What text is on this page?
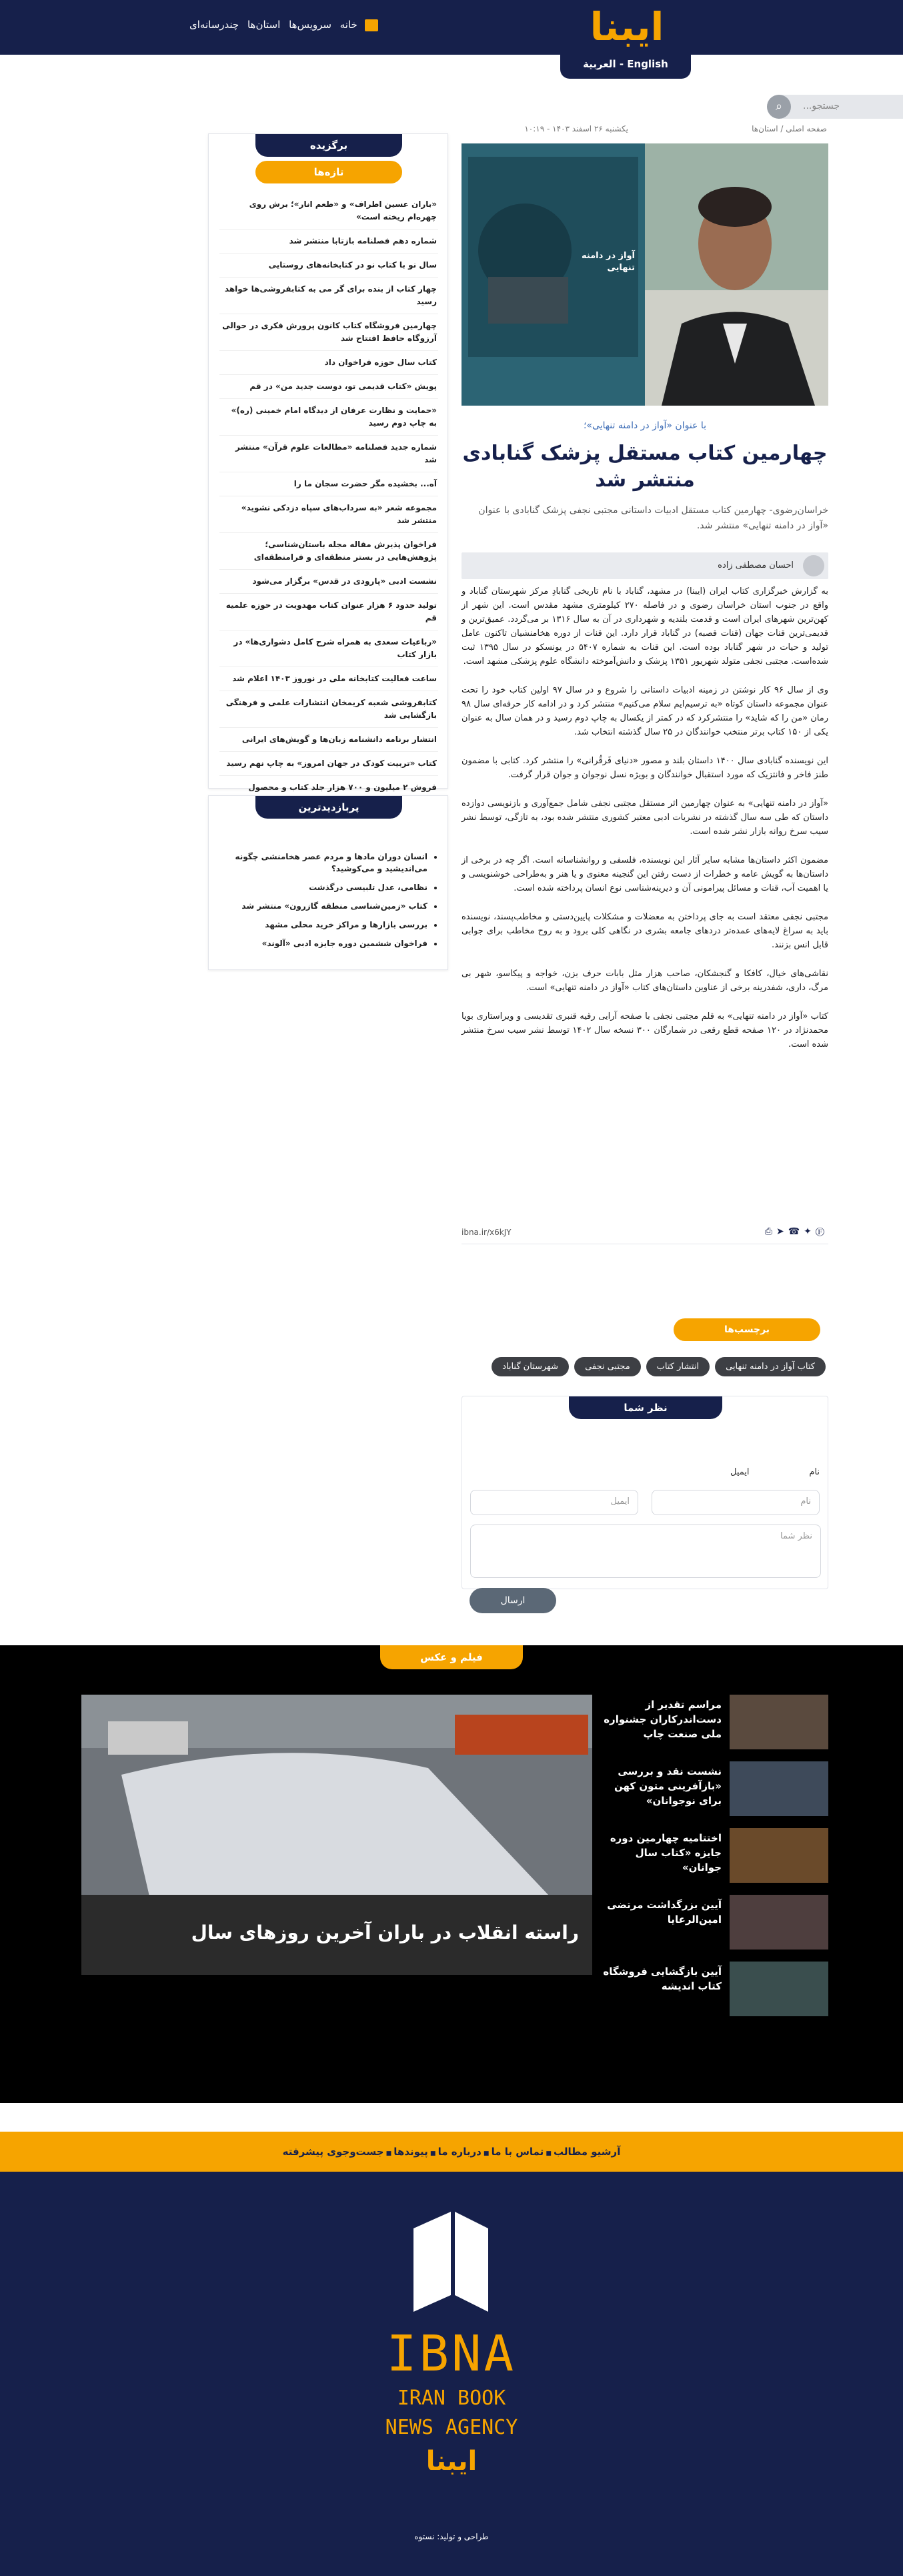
ایبنا
خانه سرویس‌ها استان‌ها چندرسانه‌ای
العربیة - English
⌕	جستجو...
صفحه اصلی / استان‌ها
یکشنبه ۲۶ اسفند ۱۴۰۳ - ۱۰:۱۹
برگزیده
تازه‌ها
«باران عسین اطراف» و «طعم انار»؛ برش روی چهره‌ام ریخته است»
شماره دهم فصلنامه بازتابا منتشر شد
سال نو با کتاب نو در کتابخانه‌های روستایی
چهار کتاب از بنده برای گر می به کتابفروشی‌ها خواهد رسید
چهارمین فروشگاه کتاب کانون پرورش فکری در حوالی آرزوگاه حافظ افتتاح شد
کتاب سال حوزه فراخوان داد
پویش «کتاب قدیمی تو، دوست جدید من» در قم
«حمایت و نظارت عرفان از دیدگاه امام خمینی (ره)» به چاپ دوم رسید
شماره جدید فصلنامه «مطالعات علوم قرآن» منتشر شد
آه... بخشیده مگر حضرت سجان ما را
مجموعه شعر «به سرداب‌های سپاه دزدکی نشوید» منتشر شد
فراخوان پذیرش مقاله مجله باستان‌شناسی؛ پژوهش‌هایی در بستر منطقه‌ای و فرامنطقه‌ای
نشست ادبی «پارودی در قدس» برگزار می‌شود
تولید حدود ۶ هزار عنوان کتاب مهدویت در حوزه علمیه قم
«رباعیات سعدی به همراه شرح کامل دشواری‌ها» در بازار کتاب
ساعت فعالیت کتابخانه ملی در نوروز ۱۴۰۳ اعلام شد
کتابفروشی شعبه کریمخان انتشارات علمی و فرهنگی بازگشایی شد
انتشار برنامه دانشنامه زبان‌ها و گویش‌های ایرانی
کتاب «تربیت کودک در جهان امروز» به چاپ نهم رسید
فروش ۲ میلیون و ۷۰۰ هزار جلد کتاب و محصول
پربازدیدترین
• انسان دوران مادها و مردم عصر هخامنشی چگونه می‌اندیشید و می‌کوشید؟
• نظامی، عدل تلبیسی درگذشت
• کتاب «زمین‌شناسی منطقه گازرون» منتشر شد
• بررسی بازارها و مراکز خرید محلی مشهد
• فراخوان ششمین دوره جایزه ادبی «آلوند»
آواز در دامنه تنهایی
با عنوان «آواز در دامنه تنهایی»؛
چهارمین کتاب مستقل پزشک گنابادی منتشر شد
خراسان‌رضوی- چهارمین کتاب مستقل ادبیات داستانی مجتبی نجفی پزشک گنابادی با عنوان «آواز در دامنه تنهایی» منتشر شد.
احسان مصطفی زاده

به گزارش خبرگزاری کتاب ایران (ایبنا) در مشهد، گناباد با نام تاریخی گنابادِ مرکز شهرستان گناباد و واقع در جنوب استان خراسان رضوی و در فاصله ۲۷۰ کیلومتری مشهد مقدس است. این شهر از کهن‌ترین شهرهای ایران است و قدمت بلندیه و شهرداری در آن به سال ۱۳۱۶ بر می‌گردد. عمیق‌ترین و قدیمی‌ترین قنات جهان (قنات قصبه) در گناباد قرار دارد. این قنات از دوره هخامنشیان تاکنون عامل تولید و حیات در شهر گناباد بوده است. این قنات به شماره ۵۴۰۷ در یونسکو در سال ۱۳۹۵ ثبت شده‌است. مجتبی نجفی متولد شهریور ۱۳۵۱ پزشک و دانش‌آموخته دانشگاه علوم پزشکی مشهد است.

وی از سال ۹۶ کار نوشتن در زمینه ادبیات داستانی را شروع و در سال ۹۷ اولین کتاب خود را تحت عنوان مجموعه داستان کوتاه «به ترسیم‌ایم سلام می‌کنیم» منتشر کرد و در ادامه کار حرفه‌ای سال ۹۸ رمان «من را که شاید» را منتشرکرد که در کمتر از یکسال به چاپ دوم رسید و در همان سال به عنوان یکی از ۱۵۰ کتاب برتر منتخب خوانندگان در ۲۵ سال گذشته انتخاب شد.

این نویسنده گنابادی سال ۱۴۰۰ داستان بلند و مصور «دنیای فَرقُرانی» را منتشر کرد. کتابی با مضمون طنز فاخر و فانتزیک که مورد استقبال خوانندگان و بویژه نسل نوجوان و جوان قرار گرفت.

«آواز در دامنه تنهایی» به عنوان چهارمین اثر مستقل مجتبی نجفی شامل جمع‌آوری و بازنویسی دوازده داستان که طی سه سال گذشته در نشریات ادبی معتبر کشوری منتشر شده بود، به تازگی، توسط نشر سیب سرخ روانه بازار نشر شده است.

مضمون اکثر داستان‌ها مشابه سایر آثار این نویسنده، فلسفی و روانشناسانه است. اگر چه در برخی از داستان‌ها به گویش عامه و خطرات از دست رفتن این گنجینه معنوی و یا هنر و به‌طراحی خوشنویسی و یا اهمیت آب، قنات و مسائل پیرامونی آن و دیرینه‌شناسی نوع انسان پرداخته شده است.

مجتبی نجفی معتقد است به جای پرداختن به معضلات و مشکلات پایین‌دستی و مخاطب‌پسند، نویسنده باید به سراغ لایه‌های عمده‌تر دردهای جامعه بشری در نگاهی کلی برود و به روح مخاطب برای جوابی قابل انس بزنند.

نقاشی‌های خیال، کافکا و گنجشکان، صاحب هزار مثل بابات حرف بزن، خواجه و پیکاسو، شهر بی مرگ، داری، شفدرینه برخی از عناوین داستان‌های کتاب «آواز در دامنه تنهایی» است.

کتاب «آواز در دامنه تنهایی» به قلم مجتبی نجفی با صفحه آرایی رقیه قنبری تقدیسی و ویراستاری بویا محمدنژاد در ۱۲۰ صفحه قطع رقعی در شمارگان ۳۰۰ نسخه سال ۱۴۰۲ توسط نشر سیب سرخ منتشر شده است.

ibna.ir/x6kJY	⎙➤☎✦Ⓕ
برچسب‌ها
کتاب آواز در دامنه تنهاییانتشار کتابمجتبی نجفیشهرستان گناباد
نظر شما
نام
نام
ایمیل
ایمیل
نظر شما
ارسال
فیلم و عکس
راسته انقلاب در باران آخرین روزهای سال
مراسم تقدیر از دست‌اندرکاران جشنواره ملی صنعت چاپ
نشست نقد و بررسی «بازآفرینی متون کهن برای نوجوانان»
اختتامیه چهارمین دوره جایزه «کتاب سال جوانان»
آیین بزرگداشت مرتضی امین‌الرعایا
آیین بازگشایی فروشگاه کتاب اندیشه
آرشیو مطالب ■ تماس با ما ■ درباره ما ■ پیوندها ■ جست‌وجوی پیشرفته
IBNA
IRAN BOOK
NEWS AGENCY
ایبنا
طراحی و تولید: نستوه
